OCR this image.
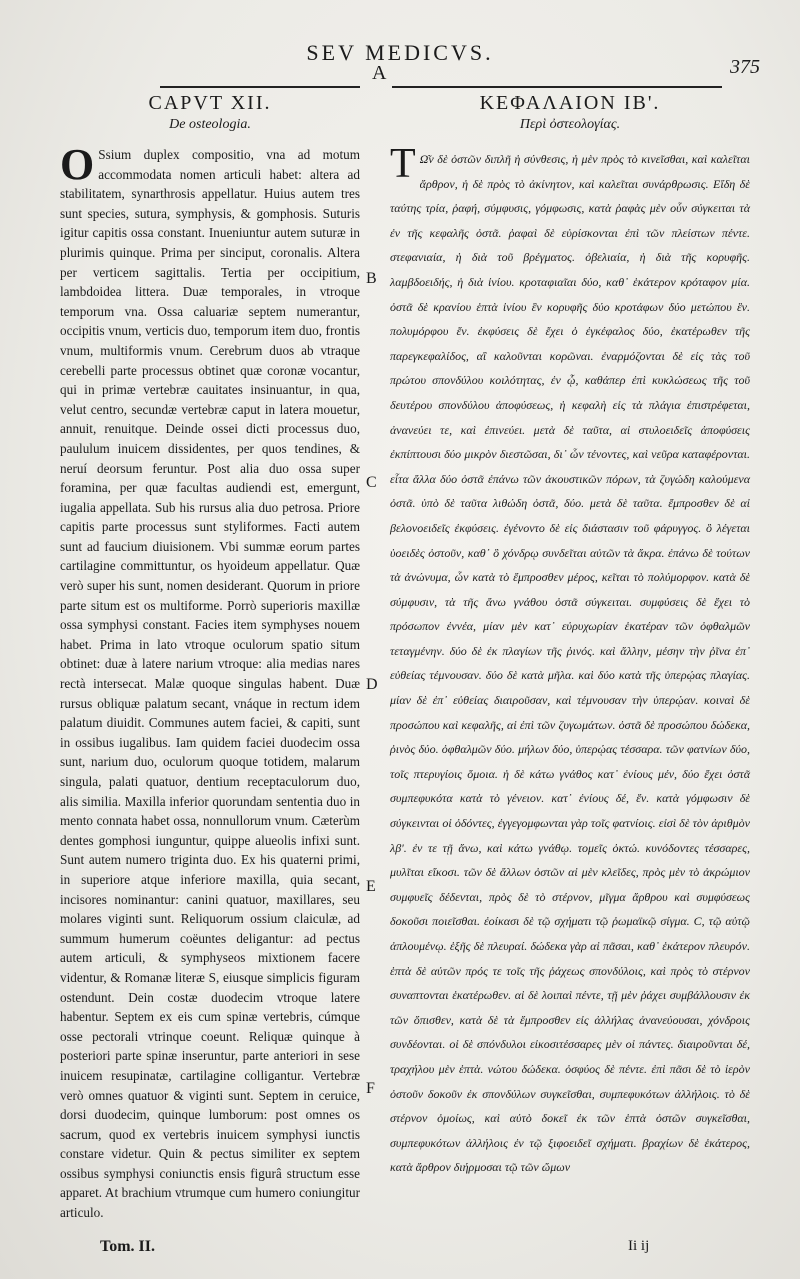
SEV MEDICVS.
A	375
CAPVT XII.
De osteologia.
O Ssium duplex compositio, vna ad motum accommodata nomen articuli habet: altera ad stabilitatem, synarthrosis appellatur. Huius autem tres sunt species, sutura, symphysis, & gomphosis. Suturis igitur capitis ossa constant. Inueniuntur autem suturæ in plurimis quinque. Prima per sinciput, coronalis. Altera per verticem sagittalis. Tertia per occipitium, lambdoidea littera. Duæ temporales, in vtroque temporum vna. Ossa caluariæ septem numerantur, occipitis vnum, verticis duo, temporum item duo, frontis vnum, multiformis vnum. Cerebrum duos ab vtraque cerebelli parte processus obtinet quæ coronæ vocantur, qui in primæ vertebræ cauitates insinuantur, in qua, velut centro, secundæ vertebræ caput in latera mouetur, annuit, renuitque. Deinde ossei dicti processus duo, paululum inuicem dissidentes, per quos tendines, & neruí deorsum feruntur. Post alia duo ossa super foramina, per quæ facultas audiendi est, emergunt, iugalia appellata. Sub his rursus alia duo petrosa. Priore capitis parte processus sunt styliformes. Facti autem sunt ad faucium diuisionem. Vbi summæ eorum partes cartilagine committuntur, os hyoideum appellatur. Quæ verò super his sunt, nomen desiderant. Quorum in priore parte situm est os multiforme. Porrò superioris maxillæ ossa symphysi constant. Facies item symphyses nouem habet. Prima in lato vtroque oculorum spatio situm obtinet: duæ à latere narium vtroque: alia medias nares rectà intersecat. Malæ quoque singulas habent. Duæ rursus obliquæ palatum secant, vnáque in rectum idem palatum diuidit. Communes autem faciei, & capiti, sunt in ossibus iugalibus. Iam quidem faciei duodecim ossa sunt, narium duo, oculorum quoque totidem, malarum singula, palati quatuor, dentium receptaculorum duo, alis similia. Maxilla inferior quorundam sententia duo in mento connata habet ossa, nonnullorum vnum. Cæterùm dentes gomphosi iunguntur, quippe alueolis infixi sunt. Sunt autem numero triginta duo. Ex his quaterni primi, in superiore atque inferiore maxilla, quia secant, incisores nominantur: canini quatuor, maxillares, seu molares viginti sunt. Reliquorum ossium claiculæ, ad summum humerum coëuntes deligantur: ad pectus autem articuli, & symphyseos mixtionem facere videntur, & Romanæ literæ S, eiusque simplicis figuram ostendunt. Dein costæ duodecim vtroque latere habentur. Septem ex eis cum spinæ vertebris, cúmque osse pectorali vtrinque coeunt. Reliquæ quinque à posteriori parte spinæ inseruntur, parte anteriori in sese inuicem resupinatæ, cartilagine colligantur. Vertebræ verò omnes quatuor & viginti sunt. Septem in ceruice, dorsi duodecim, quinque lumborum: post omnes os sacrum, quod ex vertebris inuicem symphysi iunctis constare videtur. Quin & pectus similiter ex septem ossibus symphysi coniunctis ensis figurâ structum esse apparet. At brachium vtrumque cum humero coniungitur articulo.
ΚΕΦΑΛΑΙΟΝ ΙΒ'.
Περὶ ὀστεολογίας.
Τ Ω͂ν δὲ ὀστῶν διπλῆ ἡ σύνθεσις, ἡ μὲν πρὸς τὸ κινεῖσθαι, καὶ καλεῖται ἄρθρον, ἡ δὲ πρὸς τὸ ἀκίνητον, καὶ καλεῖται συνάρθρωσις. Εἴδη δὲ ταύτης τρία, ῥαφή, σύμφυσις, γόμφωσις, κατὰ ῥαφὰς μὲν οὖν σύγκειται τὰ ἐν τῆς κεφαλῆς ὀστᾶ. ῥαφαὶ δὲ εὑρίσκονται ἐπὶ τῶν πλείστων πέντε. στεφανιαία, ἡ διὰ τοῦ βρέγματος. ὀβελιαία, ἡ διὰ τῆς κορυφῆς. λαμβδοειδής, ἡ διὰ ἰνίου. κροταφιαῖαι δύο, καθ᾽ ἑκάτερον κρόταφον μία. ὀστᾶ δὲ κρανίου ἑπτὰ ἰνίου ἓν κορυφῆς δύο κροτάφων δύο μετώπου ἓν. πολυμόρφου ἕν. ἐκφύσεις δὲ ἔχει ὁ ἐγκέφαλος δύο, ἑκατέρωθεν τῆς παρεγκεφαλίδος, αἳ καλοῦνται κορῶναι. ἐναρμόζονται δὲ εἰς τὰς τοῦ πρώτου σπονδύλου κοιλότητας, ἐν ᾧ, καθάπερ ἐπὶ κυκλώσεως τῆς τοῦ δευτέρου σπονδύλου ἀποφύσεως, ἡ κεφαλὴ εἰς τὰ πλάγια ἐπιστρέφεται, ἀνανεύει τε, καὶ ἐπινεύει. μετὰ δὲ ταῦτα, αἱ στυλοειδεῖς ἀποφύσεις ἐκπίπτουσι δύο μικρὸν διεστῶσαι, δι᾽ ὧν τένοντες, καὶ νεῦρα καταφέρονται. εἶτα ἄλλα δύο ὀστᾶ ἐπάνω τῶν ἀκουστικῶν πόρων, τὰ ζυγώδη καλούμενα ὀστᾶ. ὑπὸ δὲ ταῦτα λιθώδη ὀστᾶ, δύο. μετὰ δὲ ταῦτα. ἔμπροσθεν δὲ αἱ βελονοειδεῖς ἐκφύσεις. ἐγένοντο δὲ εἰς διάστασιν τοῦ φάρυγγος. ὃ λέγεται ὑοειδὲς ὀστοῦν, καθ᾽ ὃ χόνδρῳ συνδεῖται αὐτῶν τὰ ἄκρα. ἐπάνω δὲ τούτων τὰ ἀνώνυμα, ὧν κατὰ τὸ ἔμπροσθεν μέρος, κεῖται τὸ πολύμορφον. κατὰ δὲ σύμφυσιν, τὰ τῆς ἄνω γνάθου ὀστᾶ σύγκειται. συμφύσεις δὲ ἔχει τὸ πρόσωπον ἐννέα, μίαν μὲν κατ᾽ εὐρυχωρίαν ἑκατέραν τῶν ὀφθαλμῶν τεταγμένην. δύο δὲ ἐκ πλαγίων τῆς ῥινός. καὶ ἄλλην, μέσην τὴν ῥῖνα ἐπ᾽ εὐθείας τέμνουσαν. δύο δὲ κατὰ μῆλα. καὶ δύο κατὰ τῆς ὑπερῴας πλαγίας. μίαν δὲ ἐπ᾽ εὐθείας διαιροῦσαν, καὶ τέμνουσαν τὴν ὑπερῴαν. κοιναὶ δὲ προσώπου καὶ κεφαλῆς, αἱ ἐπὶ τῶν ζυγωμάτων. ὀστᾶ δὲ προσώπου δώδεκα, ῥινὸς δύο. ὀφθαλμῶν δύο. μήλων δύο, ὑπερῴας τέσσαρα. τῶν φατνίων δύο, τοῖς πτερυγίοις ὅμοια. ἡ δὲ κάτω γνάθος κατ᾽ ἐνίους μέν, δύο ἔχει ὀστᾶ συμπεφυκότα κατὰ τὸ γένειον. κατ᾽ ἐνίους δέ, ἕν. κατὰ γόμφωσιν δὲ σύγκεινται οἱ ὀδόντες, ἐγγεγομφωνται γὰρ τοῖς φατνίοις. εἰσὶ δὲ τὸν ἀριθμὸν λβ'. ἐν τε τῇ ἄνω, καὶ κάτω γνάθῳ. τομεῖς ὀκτώ. κυνόδοντες τέσσαρες, μυλῖται εἴκοσι. τῶν δὲ ἄλλων ὀστῶν αἱ μὲν κλεῖδες, πρὸς μὲν τὸ ἀκρώμιον συμφυεῖς δέδενται, πρὸς δὲ τὸ στέρνον, μῖγμα ἄρθρου καὶ συμφύσεως δοκοῦσι ποιεῖσθαι. ἐοίκασι δὲ τῷ σχήματι τῷ ῥωμαϊκῷ σίγμα. C, τῷ αὐτῷ ἁπλουμένῳ. ἑξῆς δὲ πλευραί. δώδεκα γὰρ αἱ πᾶσαι, καθ᾽ ἑκάτερον πλευρόν. ἑπτὰ δὲ αὐτῶν πρός τε τοῖς τῆς ῥάχεως σπονδύλοις, καὶ πρὸς τὸ στέρνον συναπτονται ἑκατέρωθεν. αἱ δὲ λοιπαὶ πέντε, τῇ μὲν ῥάχει συμβάλλουσιν ἐκ τῶν ὄπισθεν, κατὰ δὲ τὰ ἔμπροσθεν εἰς ἀλλήλας ἀνανεύουσαι, χόνδροις συνδέονται. οἱ δὲ σπόνδυλοι εἰκοσιτέσσαρες μὲν οἱ πάντες. διαιροῦνται δέ, τραχήλου μὲν ἑπτὰ. νώτου δώδεκα. ὀσφύος δὲ πέντε. ἐπὶ πᾶσι δὲ τὸ ἱερὸν ὀστοῦν δοκοῦν ἐκ σπονδύλων συγκεῖσθαι, συμπεφυκότων ἀλλήλοις. τὸ δὲ στέρνον ὁμοίως, καὶ αὐτὸ δοκεῖ ἐκ τῶν ἑπτὰ ὀστῶν συγκεῖσθαι, συμπεφυκότων ἀλλήλοις ἐν τῷ ξιφοειδεῖ σχήματι. βραχίων δὲ ἑκάτερος, κατὰ ἄρθρον διήρμοσαι τῷ τῶν ὤμων
B
C
D
E
F
Tom. II.	Ii ij
